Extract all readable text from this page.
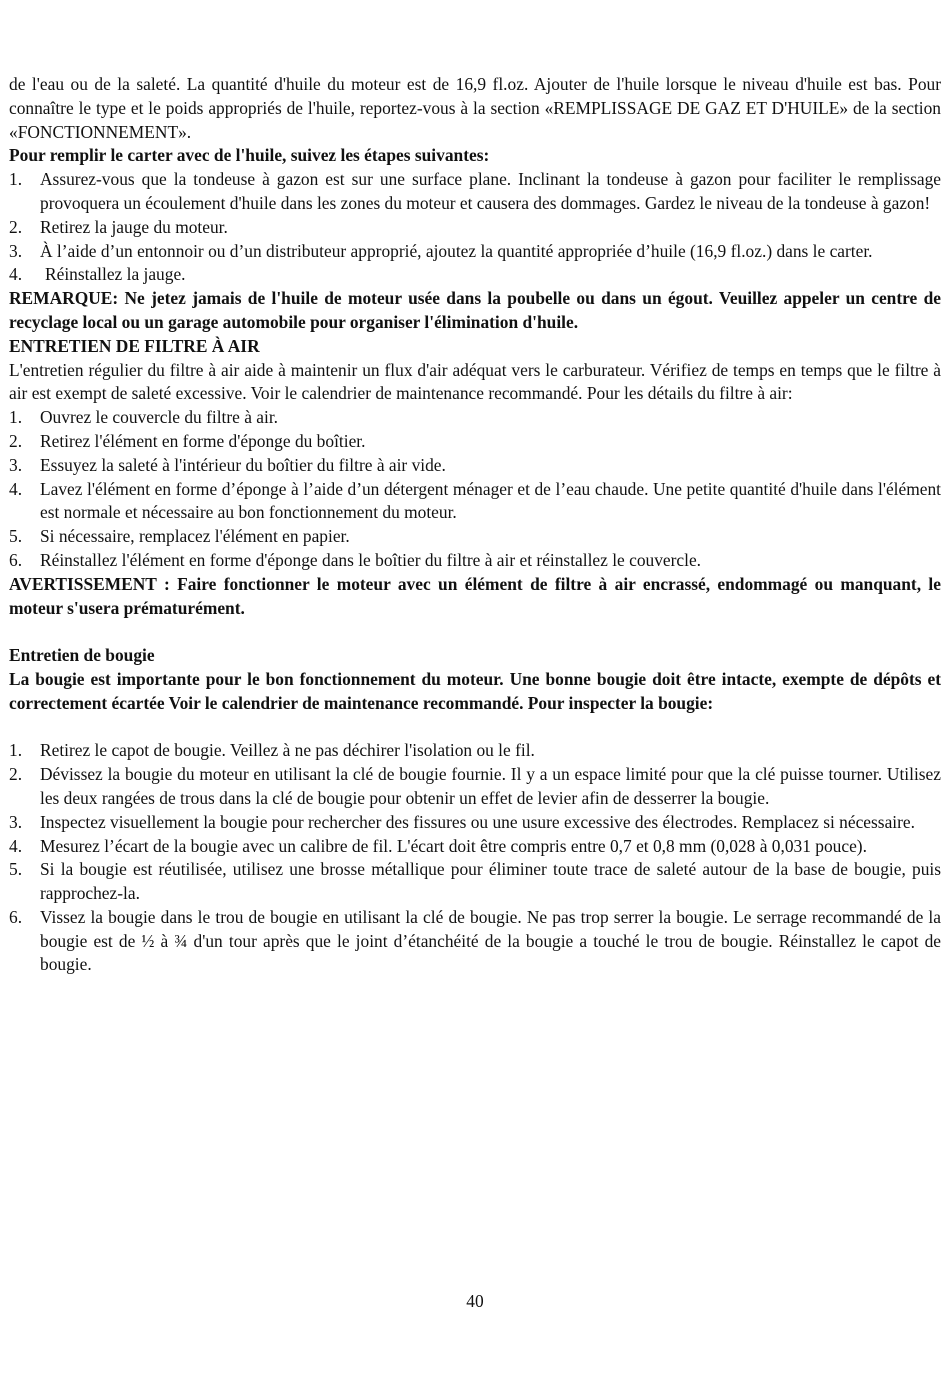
de l'eau ou de la saleté. La quantité d'huile du moteur est de 16,9 fl.oz. Ajouter de l'huile lorsque le niveau d'huile est bas. Pour connaître le type et le poids appropriés de l'huile, reportez-vous à la section «REMPLISSAGE DE GAZ ET D'HUILE» de la section «FONCTIONNEMENT».

Pour remplir le carter avec de l'huile, suivez les étapes suivantes:

1. Assurez-vous que la tondeuse à gazon est sur une surface plane. Inclinant la tondeuse à gazon pour faciliter le remplissage provoquera un écoulement d'huile dans les zones du moteur et causera des dommages. Gardez le niveau de la tondeuse à gazon!
2. Retirez la jauge du moteur.
3. À l’aide d’un entonnoir ou d’un distributeur approprié, ajoutez la quantité appropriée d’huile (16,9 fl.oz.) dans le carter.
4. Réinstallez la jauge.

REMARQUE: Ne jetez jamais de l'huile de moteur usée dans la poubelle ou dans un égout. Veuillez appeler un centre de recyclage local ou un garage automobile pour organiser l'élimination d'huile.

ENTRETIEN DE FILTRE À AIR

L'entretien régulier du filtre à air aide à maintenir un flux d'air adéquat vers le carburateur. Vérifiez de temps en temps que le filtre à air est exempt de saleté excessive. Voir le calendrier de maintenance recommandé. Pour les détails du filtre à air:

1. Ouvrez le couvercle du filtre à air.
2. Retirez l'élément en forme d'éponge du boîtier.
3. Essuyez la saleté à l'intérieur du boîtier du filtre à air vide.
4. Lavez l'élément en forme d’éponge à l’aide d’un détergent ménager et de l’eau chaude. Une petite quantité d'huile dans l'élément est normale et nécessaire au bon fonctionnement du moteur.
5. Si nécessaire, remplacez l'élément en papier.
6. Réinstallez l'élément en forme d'éponge dans le boîtier du filtre à air et réinstallez le couvercle.

AVERTISSEMENT : Faire fonctionner le moteur avec un élément de filtre à air encrassé, endommagé ou manquant, le moteur s'usera prématurément.

Entretien de bougie

La bougie est importante pour le bon fonctionnement du moteur. Une bonne bougie doit être intacte, exempte de dépôts et correctement écartée Voir le calendrier de maintenance recommandé. Pour inspecter la bougie:

1. Retirez le capot de bougie. Veillez à ne pas déchirer l'isolation ou le fil.
2. Dévissez la bougie du moteur en utilisant la clé de bougie fournie. Il y a un espace limité pour que la clé puisse tourner. Utilisez les deux rangées de trous dans la clé de bougie pour obtenir un effet de levier afin de desserrer la bougie.
3. Inspectez visuellement la bougie pour rechercher des fissures ou une usure excessive des électrodes. Remplacez si nécessaire.
4. Mesurez l’écart de la bougie avec un calibre de fil. L'écart doit être compris entre 0,7 et 0,8 mm (0,028 à 0,031 pouce).
5. Si la bougie est réutilisée, utilisez une brosse métallique pour éliminer toute trace de saleté autour de la base de bougie, puis rapprochez-la.
6. Vissez la bougie dans le trou de bougie en utilisant la clé de bougie. Ne pas trop serrer la bougie. Le serrage recommandé de la bougie est de ½ à ¾ d'un tour après que le joint d’étanchéité de la bougie a touché le trou de bougie. Réinstallez le capot de bougie.
40
